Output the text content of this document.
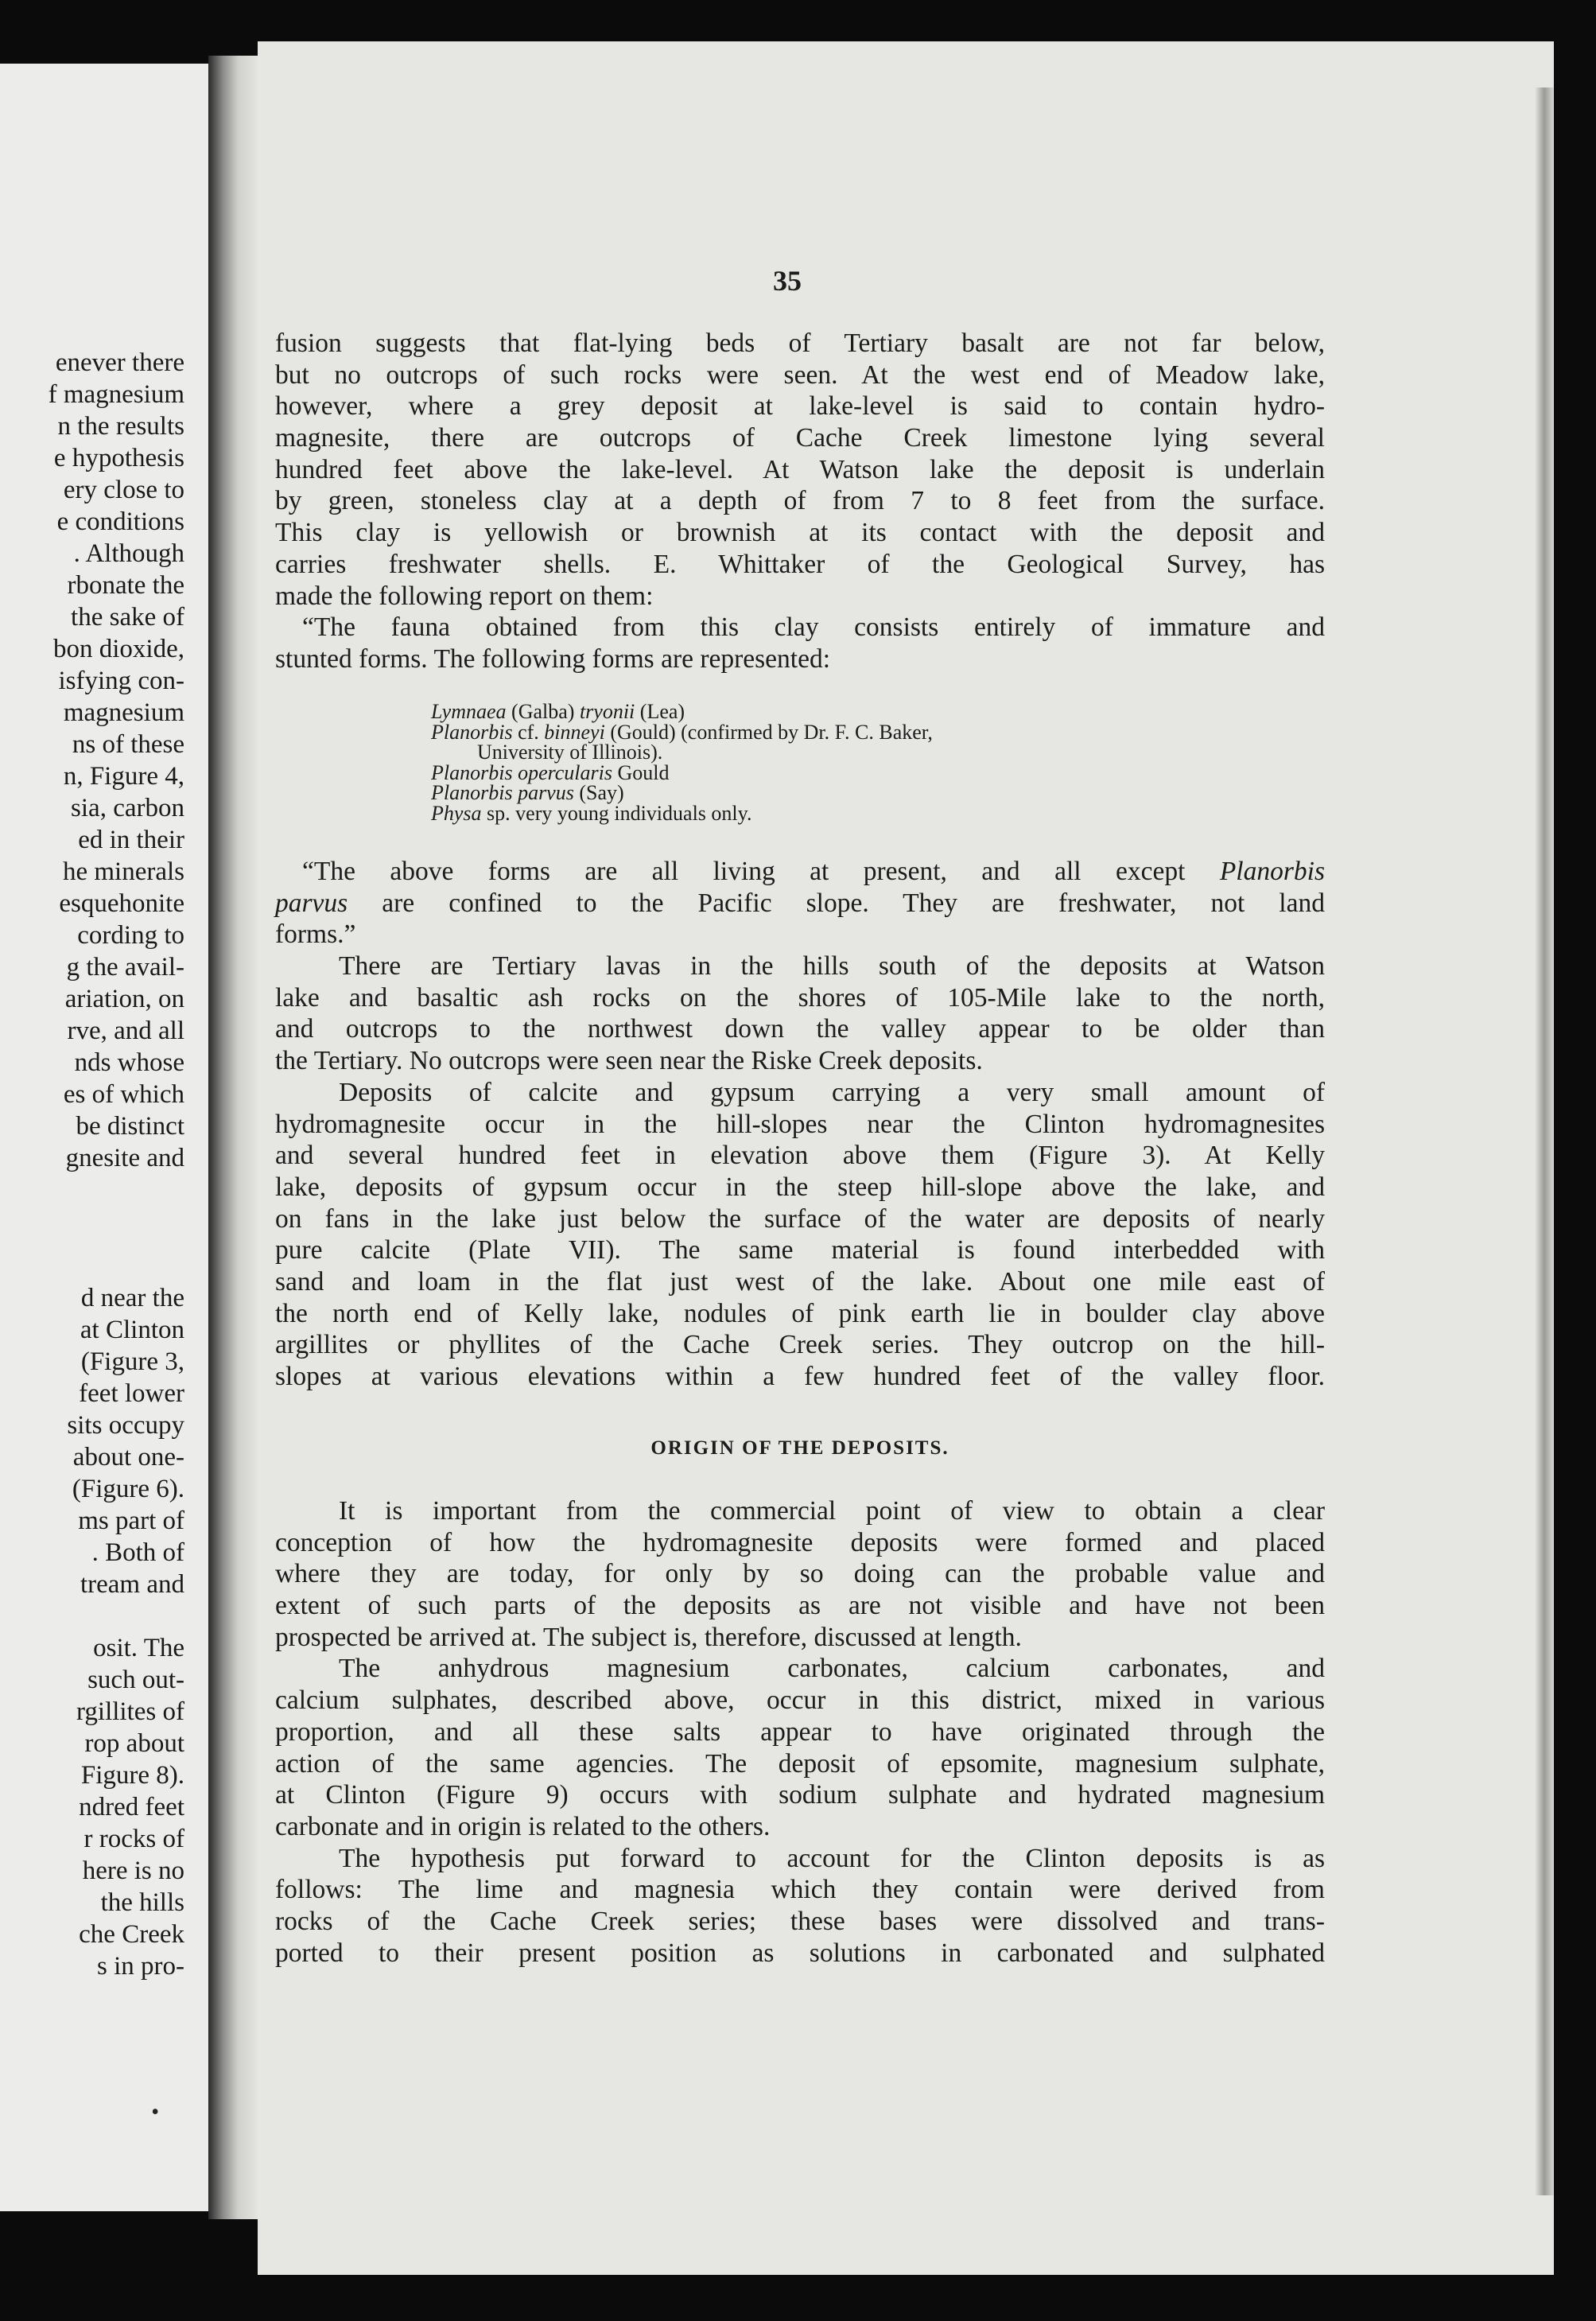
enever there
f magnesium
n the results
e hypothesis
ery close to
e conditions
. Although
rbonate the
the sake of
bon dioxide,
isfying con-
magnesium
ns of these
n, Figure 4,
sia, carbon
ed in their
he minerals
esquehonite
cording to
g the avail-
ariation, on
rve, and all
nds whose
es of which
be distinct
gnesite and
d near the
at Clinton
(Figure 3,
feet lower
sits occupy
about one-
(Figure 6).
ms part of
. Both of
tream and
osit. The
such out-
rgillites of
rop about
Figure 8).
ndred feet
r rocks of
here is no
the hills
che Creek
s in pro-
•
35
fusion suggests that flat-lying beds of Tertiary basalt are not far below,
but no outcrops of such rocks were seen. At the west end of Meadow lake,
however, where a grey deposit at lake-level is said to contain hydro-
magnesite, there are outcrops of Cache Creek limestone lying several
hundred feet above the lake-level. At Watson lake the deposit is underlain
by green, stoneless clay at a depth of from 7 to 8 feet from the surface.
This clay is yellowish or brownish at its contact with the deposit and
carries freshwater shells. E. Whittaker of the Geological Survey, has
made the following report on them:
“The fauna obtained from this clay consists entirely of immature and
stunted forms. The following forms are represented:
Lymnaea (Galba) tryonii (Lea)
Planorbis cf. binneyi (Gould) (confirmed by Dr. F. C. Baker,
University of Illinois).
Planorbis opercularis Gould
Planorbis parvus (Say)
Physa sp. very young individuals only.
“The above forms are all living at present, and all except Planorbis
parvus are confined to the Pacific slope. They are freshwater, not land
forms.”
There are Tertiary lavas in the hills south of the deposits at Watson
lake and basaltic ash rocks on the shores of 105-Mile lake to the north,
and outcrops to the northwest down the valley appear to be older than
the Tertiary. No outcrops were seen near the Riske Creek deposits.
Deposits of calcite and gypsum carrying a very small amount of
hydromagnesite occur in the hill-slopes near the Clinton hydromagnesites
and several hundred feet in elevation above them (Figure 3). At Kelly
lake, deposits of gypsum occur in the steep hill-slope above the lake, and
on fans in the lake just below the surface of the water are deposits of nearly
pure calcite (Plate VII). The same material is found interbedded with
sand and loam in the flat just west of the lake. About one mile east of
the north end of Kelly lake, nodules of pink earth lie in boulder clay above
argillites or phyllites of the Cache Creek series. They outcrop on the hill-
slopes at various elevations within a few hundred feet of the valley floor.
ORIGIN OF THE DEPOSITS.
It is important from the commercial point of view to obtain a clear
conception of how the hydromagnesite deposits were formed and placed
where they are today, for only by so doing can the probable value and
extent of such parts of the deposits as are not visible and have not been
prospected be arrived at. The subject is, therefore, discussed at length.
The anhydrous magnesium carbonates, calcium carbonates, and
calcium sulphates, described above, occur in this district, mixed in various
proportion, and all these salts appear to have originated through the
action of the same agencies. The deposit of epsomite, magnesium sulphate,
at Clinton (Figure 9) occurs with sodium sulphate and hydrated magnesium
carbonate and in origin is related to the others.
The hypothesis put forward to account for the Clinton deposits is as
follows: The lime and magnesia which they contain were derived from
rocks of the Cache Creek series; these bases were dissolved and trans-
ported to their present position as solutions in carbonated and sulphated
